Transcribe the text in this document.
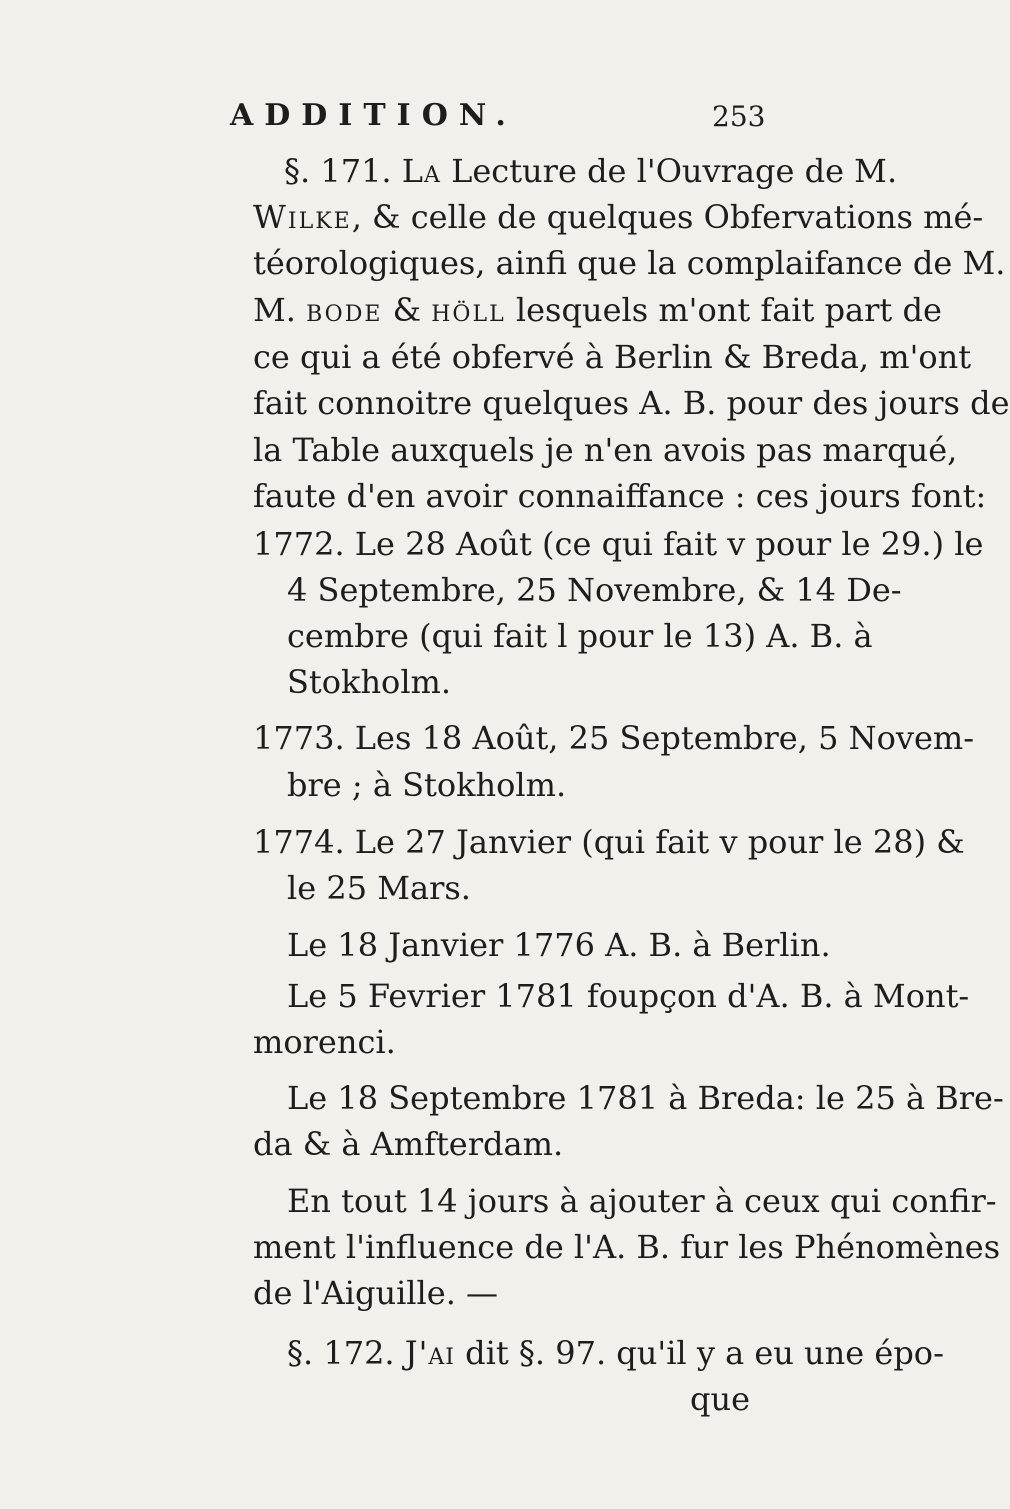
ADDITION.	253
§. 171. La Lecture de l'Ouvrage de M.
Wilke, & celle de quelques Obfervations mé-
téorologiques, ainfi que la complaifance de M.
M. bode & höll lesquels m'ont fait part de
ce qui a été obfervé à Berlin & Breda, m'ont
fait connoitre quelques A. B. pour des jours de
la Table auxquels je n'en avois pas marqué,
faute d'en avoir connaiffance : ces jours font:
1772. Le 28 Août (ce qui fait v pour le 29.) le
4 Septembre, 25 Novembre, & 14 De-
cembre (qui fait l pour le 13) A. B. à
Stokholm.
1773. Les 18 Août, 25 Septembre, 5 Novem-
bre ; à Stokholm.
1774. Le 27 Janvier (qui fait v pour le 28) &
le 25 Mars.
Le 18 Janvier 1776 A. B. à Berlin.
Le 5 Fevrier 1781 foupçon d'A. B. à Mont-
morenci.
Le 18 Septembre 1781 à Breda: le 25 à Bre-
da & à Amfterdam.
En tout 14 jours à ajouter à ceux qui confir-
ment l'influence de l'A. B. fur les Phénomènes
de l'Aiguille. —
§. 172. J'ai dit §. 97. qu'il y a eu une épo-
que
